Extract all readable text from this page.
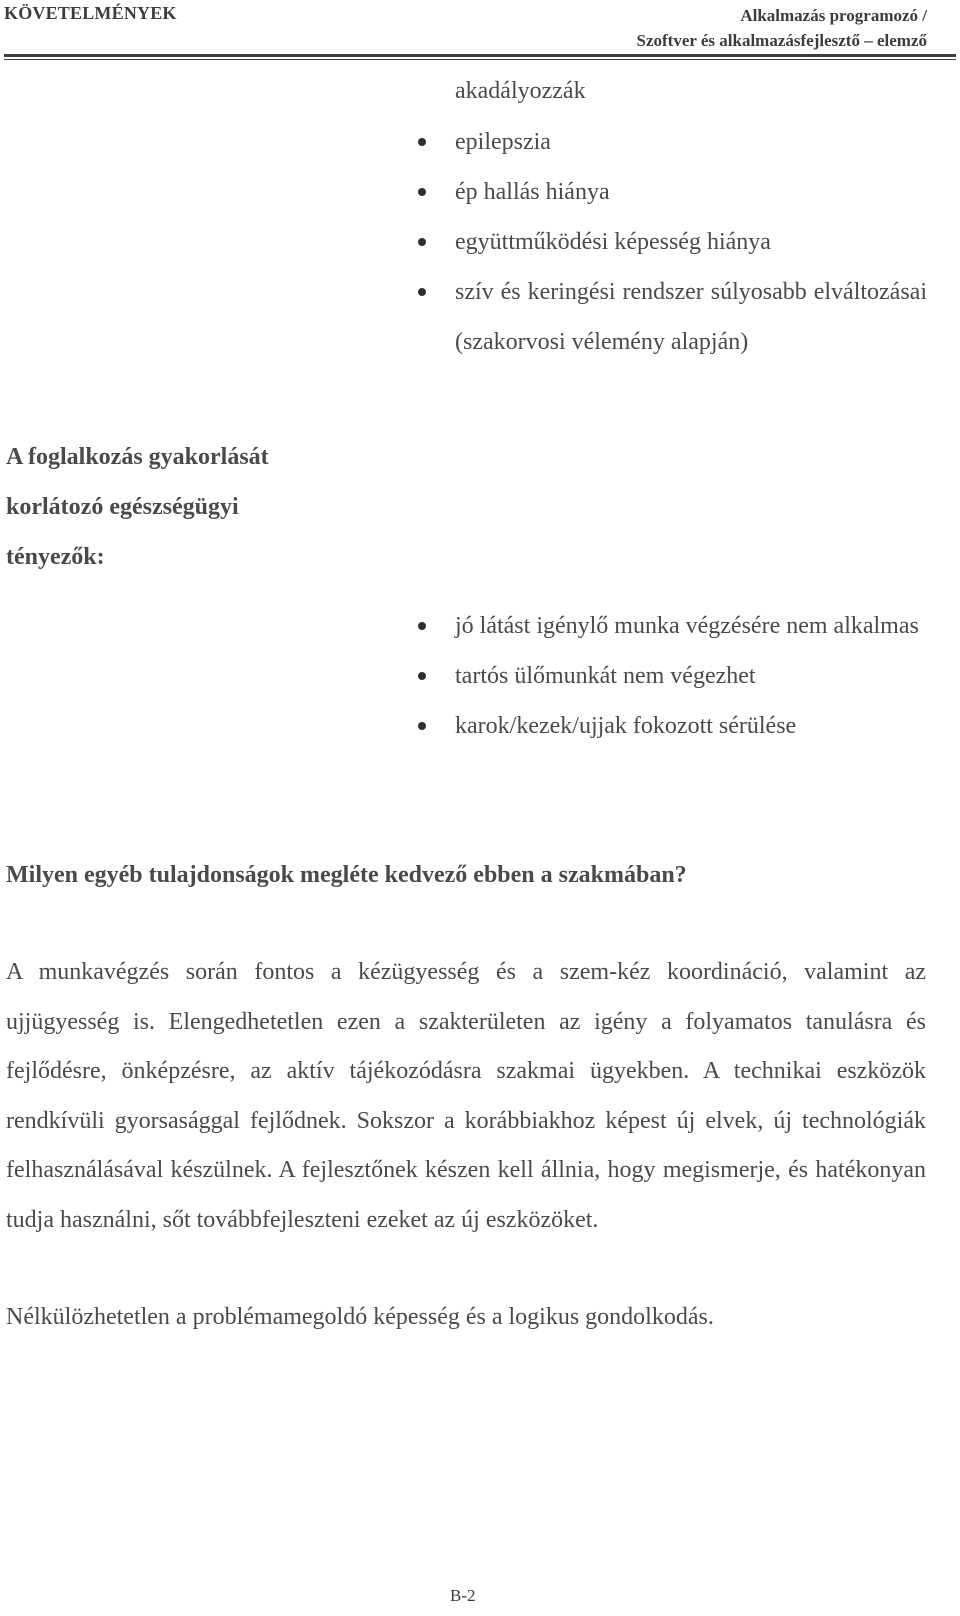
KÖVETELMÉNYEK	Alkalmazás programozó /
Szoftver és alkalmazásfejlesztő – elemző
akadályozzák
epilepszia
ép hallás hiánya
együttműködési képesség hiánya
szív és keringési rendszer súlyosabb elváltozásai (szakorvosi vélemény alapján)
A foglalkozás gyakorlását
korlátozó egészségügyi
tényezők:
jó látást igénylő munka végzésére nem alkalmas
tartós ülőmunkát nem végezhet
karok/kezek/ujjak fokozott sérülése
Milyen egyéb tulajdonságok megléte kedvező ebben a szakmában?

A munkavégzés során fontos a kézügyesség és a szem-kéz koordináció, valamint az ujjügyesség is. Elengedhetetlen ezen a szakterületen az igény a folyamatos tanulásra és fejlődésre, önképzésre, az aktív tájékozódásra szakmai ügyekben. A technikai eszközök rendkívüli gyorsasággal fejlődnek. Sokszor a korábbiakhoz képest új elvek, új technológiák felhasználásával készülnek. A fejlesztőnek készen kell állnia, hogy megismerje, és hatékonyan tudja használni, sőt továbbfejleszteni ezeket az új eszközöket.

Nélkülözhetetlen a problémamegoldó képesség és a logikus gondolkodás.

B-2
